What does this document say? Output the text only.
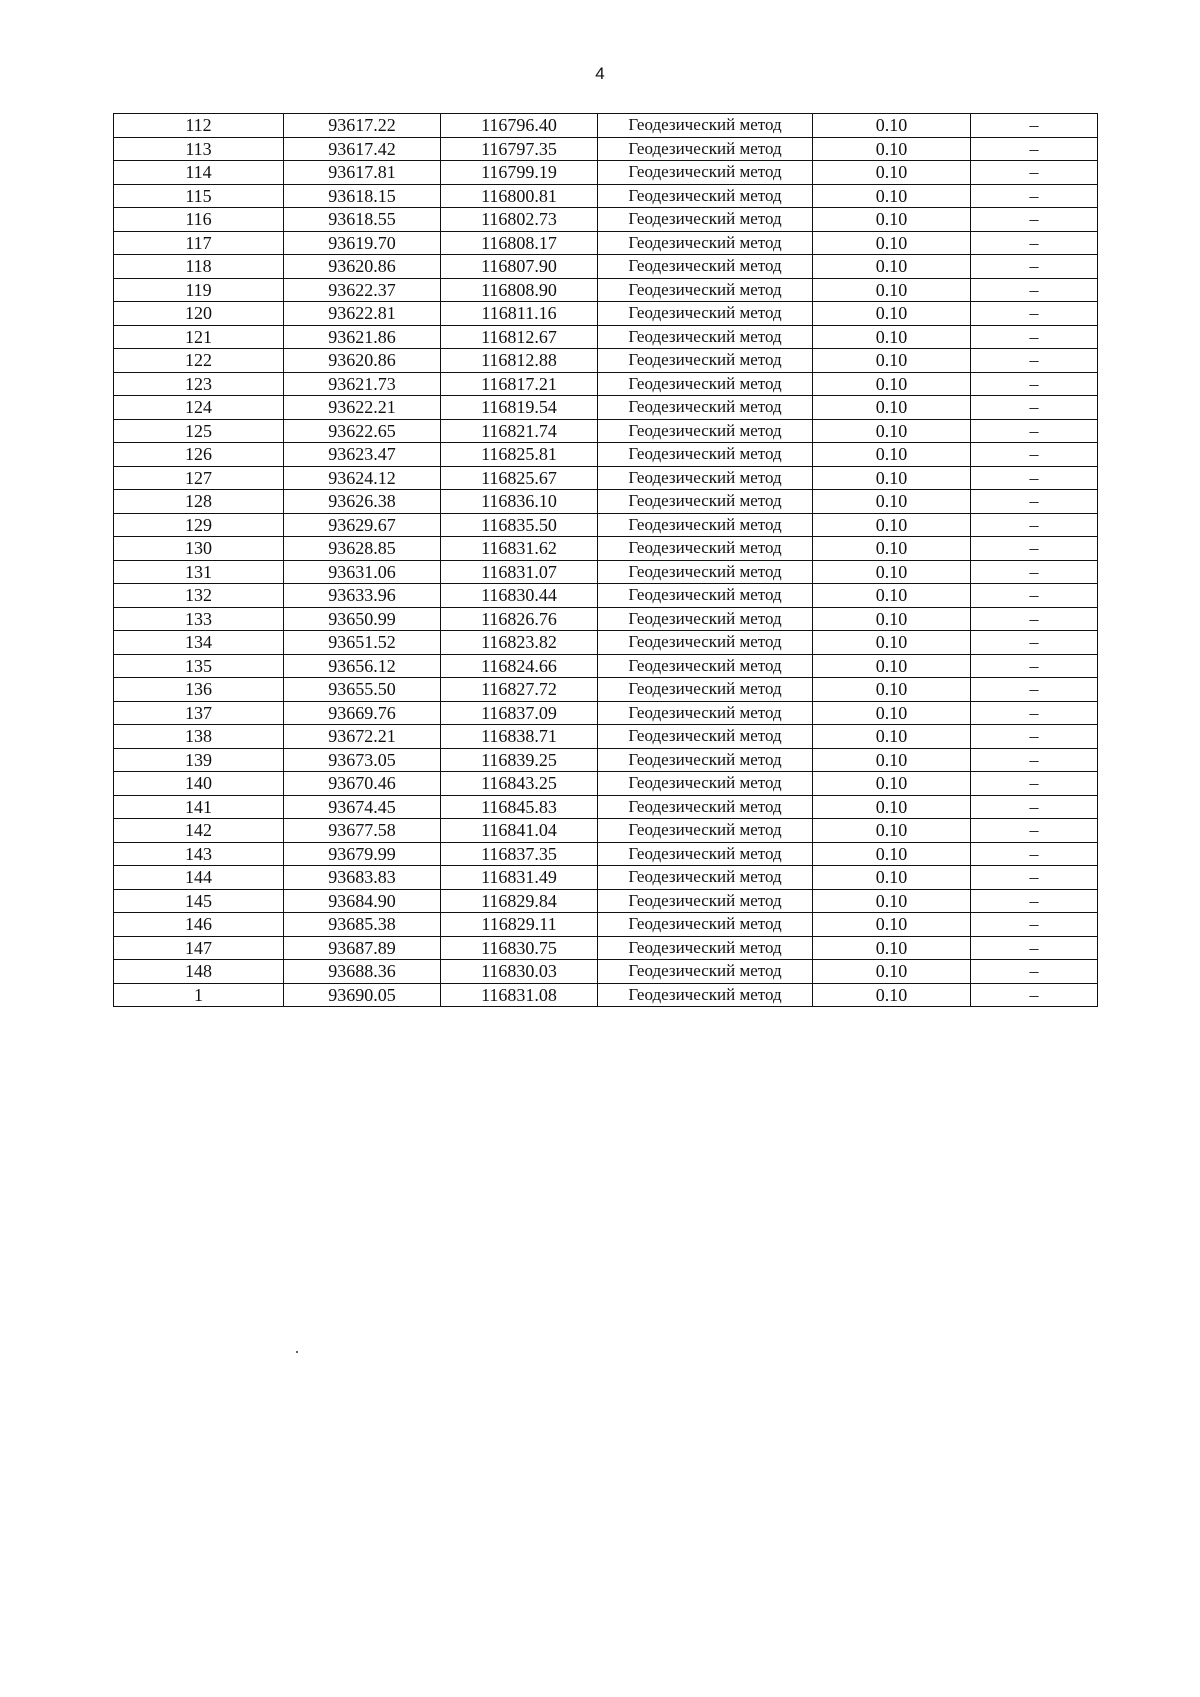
4
112	93617.22	116796.40	Геодезический метод	0.10	–
113	93617.42	116797.35	Геодезический метод	0.10	–
114	93617.81	116799.19	Геодезический метод	0.10	–
115	93618.15	116800.81	Геодезический метод	0.10	–
116	93618.55	116802.73	Геодезический метод	0.10	–
117	93619.70	116808.17	Геодезический метод	0.10	–
118	93620.86	116807.90	Геодезический метод	0.10	–
119	93622.37	116808.90	Геодезический метод	0.10	–
120	93622.81	116811.16	Геодезический метод	0.10	–
121	93621.86	116812.67	Геодезический метод	0.10	–
122	93620.86	116812.88	Геодезический метод	0.10	–
123	93621.73	116817.21	Геодезический метод	0.10	–
124	93622.21	116819.54	Геодезический метод	0.10	–
125	93622.65	116821.74	Геодезический метод	0.10	–
126	93623.47	116825.81	Геодезический метод	0.10	–
127	93624.12	116825.67	Геодезический метод	0.10	–
128	93626.38	116836.10	Геодезический метод	0.10	–
129	93629.67	116835.50	Геодезический метод	0.10	–
130	93628.85	116831.62	Геодезический метод	0.10	–
131	93631.06	116831.07	Геодезический метод	0.10	–
132	93633.96	116830.44	Геодезический метод	0.10	–
133	93650.99	116826.76	Геодезический метод	0.10	–
134	93651.52	116823.82	Геодезический метод	0.10	–
135	93656.12	116824.66	Геодезический метод	0.10	–
136	93655.50	116827.72	Геодезический метод	0.10	–
137	93669.76	116837.09	Геодезический метод	0.10	–
138	93672.21	116838.71	Геодезический метод	0.10	–
139	93673.05	116839.25	Геодезический метод	0.10	–
140	93670.46	116843.25	Геодезический метод	0.10	–
141	93674.45	116845.83	Геодезический метод	0.10	–
142	93677.58	116841.04	Геодезический метод	0.10	–
143	93679.99	116837.35	Геодезический метод	0.10	–
144	93683.83	116831.49	Геодезический метод	0.10	–
145	93684.90	116829.84	Геодезический метод	0.10	–
146	93685.38	116829.11	Геодезический метод	0.10	–
147	93687.89	116830.75	Геодезический метод	0.10	–
148	93688.36	116830.03	Геодезический метод	0.10	–
1	93690.05	116831.08	Геодезический метод	0.10	–
